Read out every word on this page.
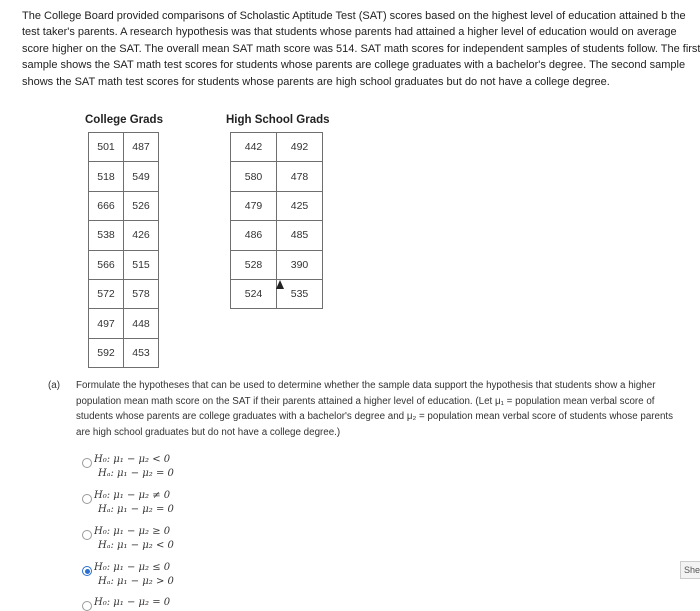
The College Board provided comparisons of Scholastic Aptitude Test (SAT) scores based on the highest level of education attained b the test taker's parents. A research hypothesis was that students whose parents had attained a higher level of education would on average score higher on the SAT. The overall mean SAT math score was 514. SAT math scores for independent samples of students follow. The first sample shows the SAT math test scores for students whose parents are college graduates with a bachelor's degree. The second sample shows the SAT math test scores for students whose parents are high school graduates but do not have a college degree.

College Grads
501	487
518	549
666	526
538	426
566	515
572	578
497	448
592	453
High School Grads
442	492
580	478
479	425
486	485
528	390
524	535
(a) Formulate the hypotheses that can be used to determine whether the sample data support the hypothesis that students show a higher population mean math score on the SAT if their parents attained a higher level of education. (Let μ₁ = population mean verbal score of students whose parents are college graduates with a bachelor's degree and μ₂ = population mean verbal score of students whose parents are high school graduates but do not have a college degree.)
H₀: μ₁ − μ₂ < 0
Hₐ: μ₁ − μ₂ = 0
H₀: μ₁ − μ₂ ≠ 0
Hₐ: μ₁ − μ₂ = 0
H₀: μ₁ − μ₂ ≥ 0
Hₐ: μ₁ − μ₂ < 0
H₀: μ₁ − μ₂ ≤ 0
Hₐ: μ₁ − μ₂ > 0
H₀: μ₁ − μ₂ = 0
She
